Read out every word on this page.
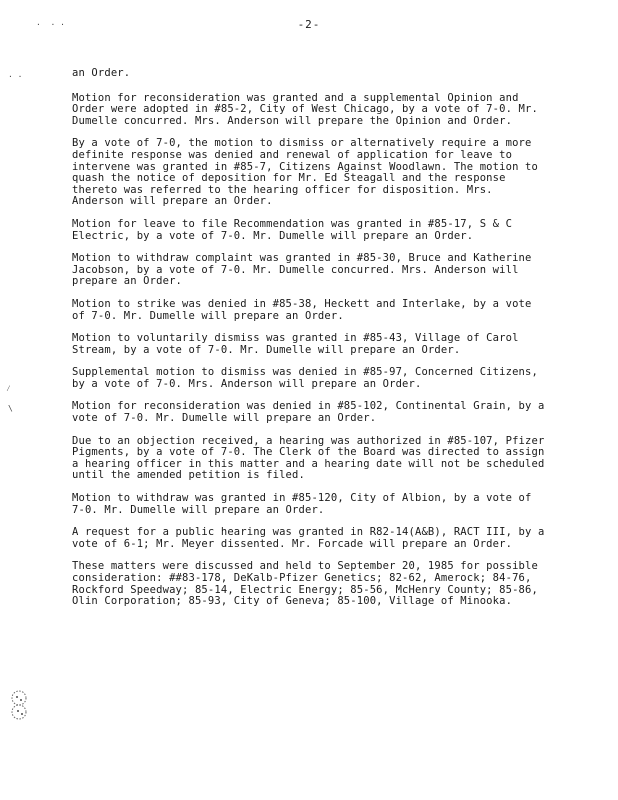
-2-
·  · ·
· ·
⁄
\

an Order.

Motion for reconsideration was granted and a supplemental Opinion and Order were adopted in #85-2, City of West Chicago, by a vote of 7-0. Mr. Dumelle concurred. Mrs. Anderson will prepare the Opinion and Order.

By a vote of 7-0, the motion to dismiss or alternatively require a more definite response was denied and renewal of application for leave to intervene was granted in #85-7, Citizens Against Woodlawn. The motion to quash the notice of deposition for Mr. Ed Steagall and the response thereto was referred to the hearing officer for disposition. Mrs. Anderson will prepare an Order.

Motion for leave to file Recommendation was granted in #85-17, S & C Electric, by a vote of 7-0. Mr. Dumelle will prepare an Order.

Motion to withdraw complaint was granted in #85-30, Bruce and Katherine Jacobson, by a vote of 7-0. Mr. Dumelle concurred. Mrs. Anderson will prepare an Order.

Motion to strike was denied in #85-38, Heckett and Interlake, by a vote of 7-0. Mr. Dumelle will prepare an Order.

Motion to voluntarily dismiss was granted in #85-43, Village of Carol Stream, by a vote of 7-0. Mr. Dumelle will prepare an Order.

Supplemental motion to dismiss was denied in #85-97, Concerned Citizens, by a vote of 7-0. Mrs. Anderson will prepare an Order.

Motion for reconsideration was denied in #85-102, Continental Grain, by a vote of 7-0. Mr. Dumelle will prepare an Order.

Due to an objection received, a hearing was authorized in #85-107, Pfizer Pigments, by a vote of 7-0. The Clerk of the Board was directed to assign a hearing officer in this matter and a hearing date will not be scheduled until the amended petition is filed.

Motion to withdraw was granted in #85-120, City of Albion, by a vote of 7-0. Mr. Dumelle will prepare an Order.

A request for a public hearing was granted in R82-14(A&B), RACT III, by a vote of 6-1; Mr. Meyer dissented. Mr. Forcade will prepare an Order.

These matters were discussed and held to September 20, 1985 for possible consideration: ##83-178, DeKalb-Pfizer Genetics; 82-62, Amerock; 84-76, Rockford Speedway; 85-14, Electric Energy; 85-56, McHenry County; 85-86, Olin Corporation; 85-93, City of Geneva; 85-100, Village of Minooka.
